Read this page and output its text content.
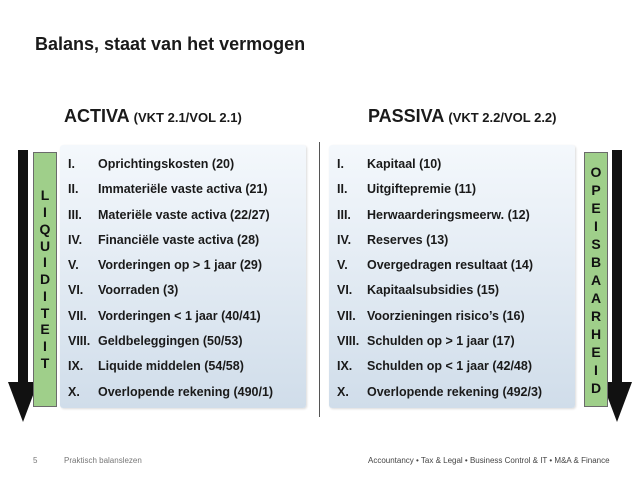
Balans, staat van het vermogen
ACTIVA (VKT 2.1/VOL 2.1)	PASSIVA (VKT 2.2/VOL 2.2)
L
I
Q
U
I
D
I
T
E
I
T
O
P
E
I
S
B
A
A
R
H
E
I
D
I.	Oprichtingskosten (20)
II.	Immateriële vaste activa (21)
III.	Materiële vaste activa (22/27)
IV.	Financiële vaste activa (28)
V.	Vorderingen op > 1 jaar (29)
VI.	Voorraden (3)
VII. Vorderingen < 1 jaar (40/41)
VIII. Geldbeleggingen (50/53)
IX.	Liquide middelen (54/58)
X.	Overlopende rekening (490/1)
I.	Kapitaal (10)
II.	Uitgiftepremie (11)
III.	Herwaarderingsmeerw. (12)
IV.	Reserves (13)
V.	Overgedragen resultaat (14)
VI.	Kapitaalsubsidies (15)
VII. Voorzieningen risico’s (16)
VIII. Schulden op > 1 jaar (17)
IX.	Schulden op < 1 jaar (42/48)
X.	Overlopende rekening (492/3)
5	Praktisch balanslezen	Accountancy • Tax & Legal • Business Control & IT • M&A & Finance
